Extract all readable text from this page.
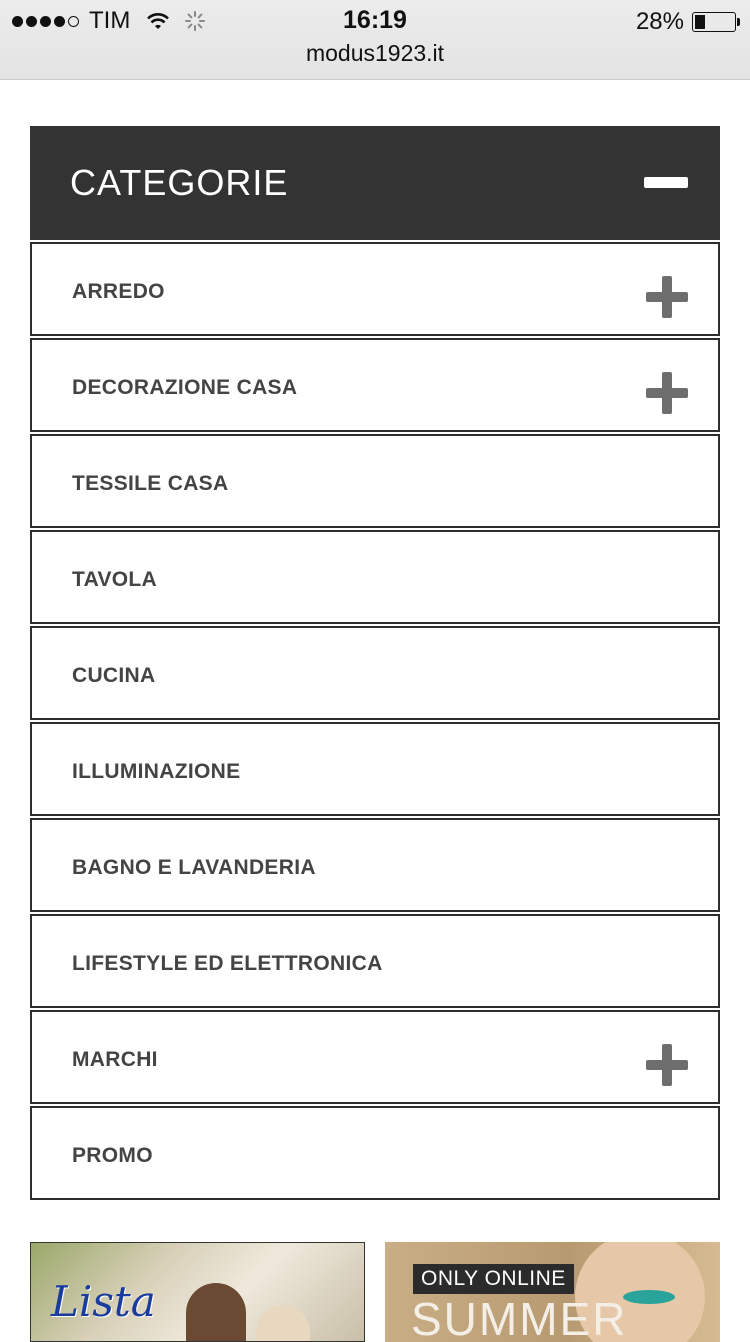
TIM	16:19	28%
modus1923.it
CATEGORIE
ARREDO
DECORAZIONE CASA
TESSILE CASA
TAVOLA
CUCINA
ILLUMINAZIONE
BAGNO E LAVANDERIA
LIFESTYLE ED ELETTRONICA
MARCHI
PROMO
Lista	ONLY ONLINE
SUMMER
